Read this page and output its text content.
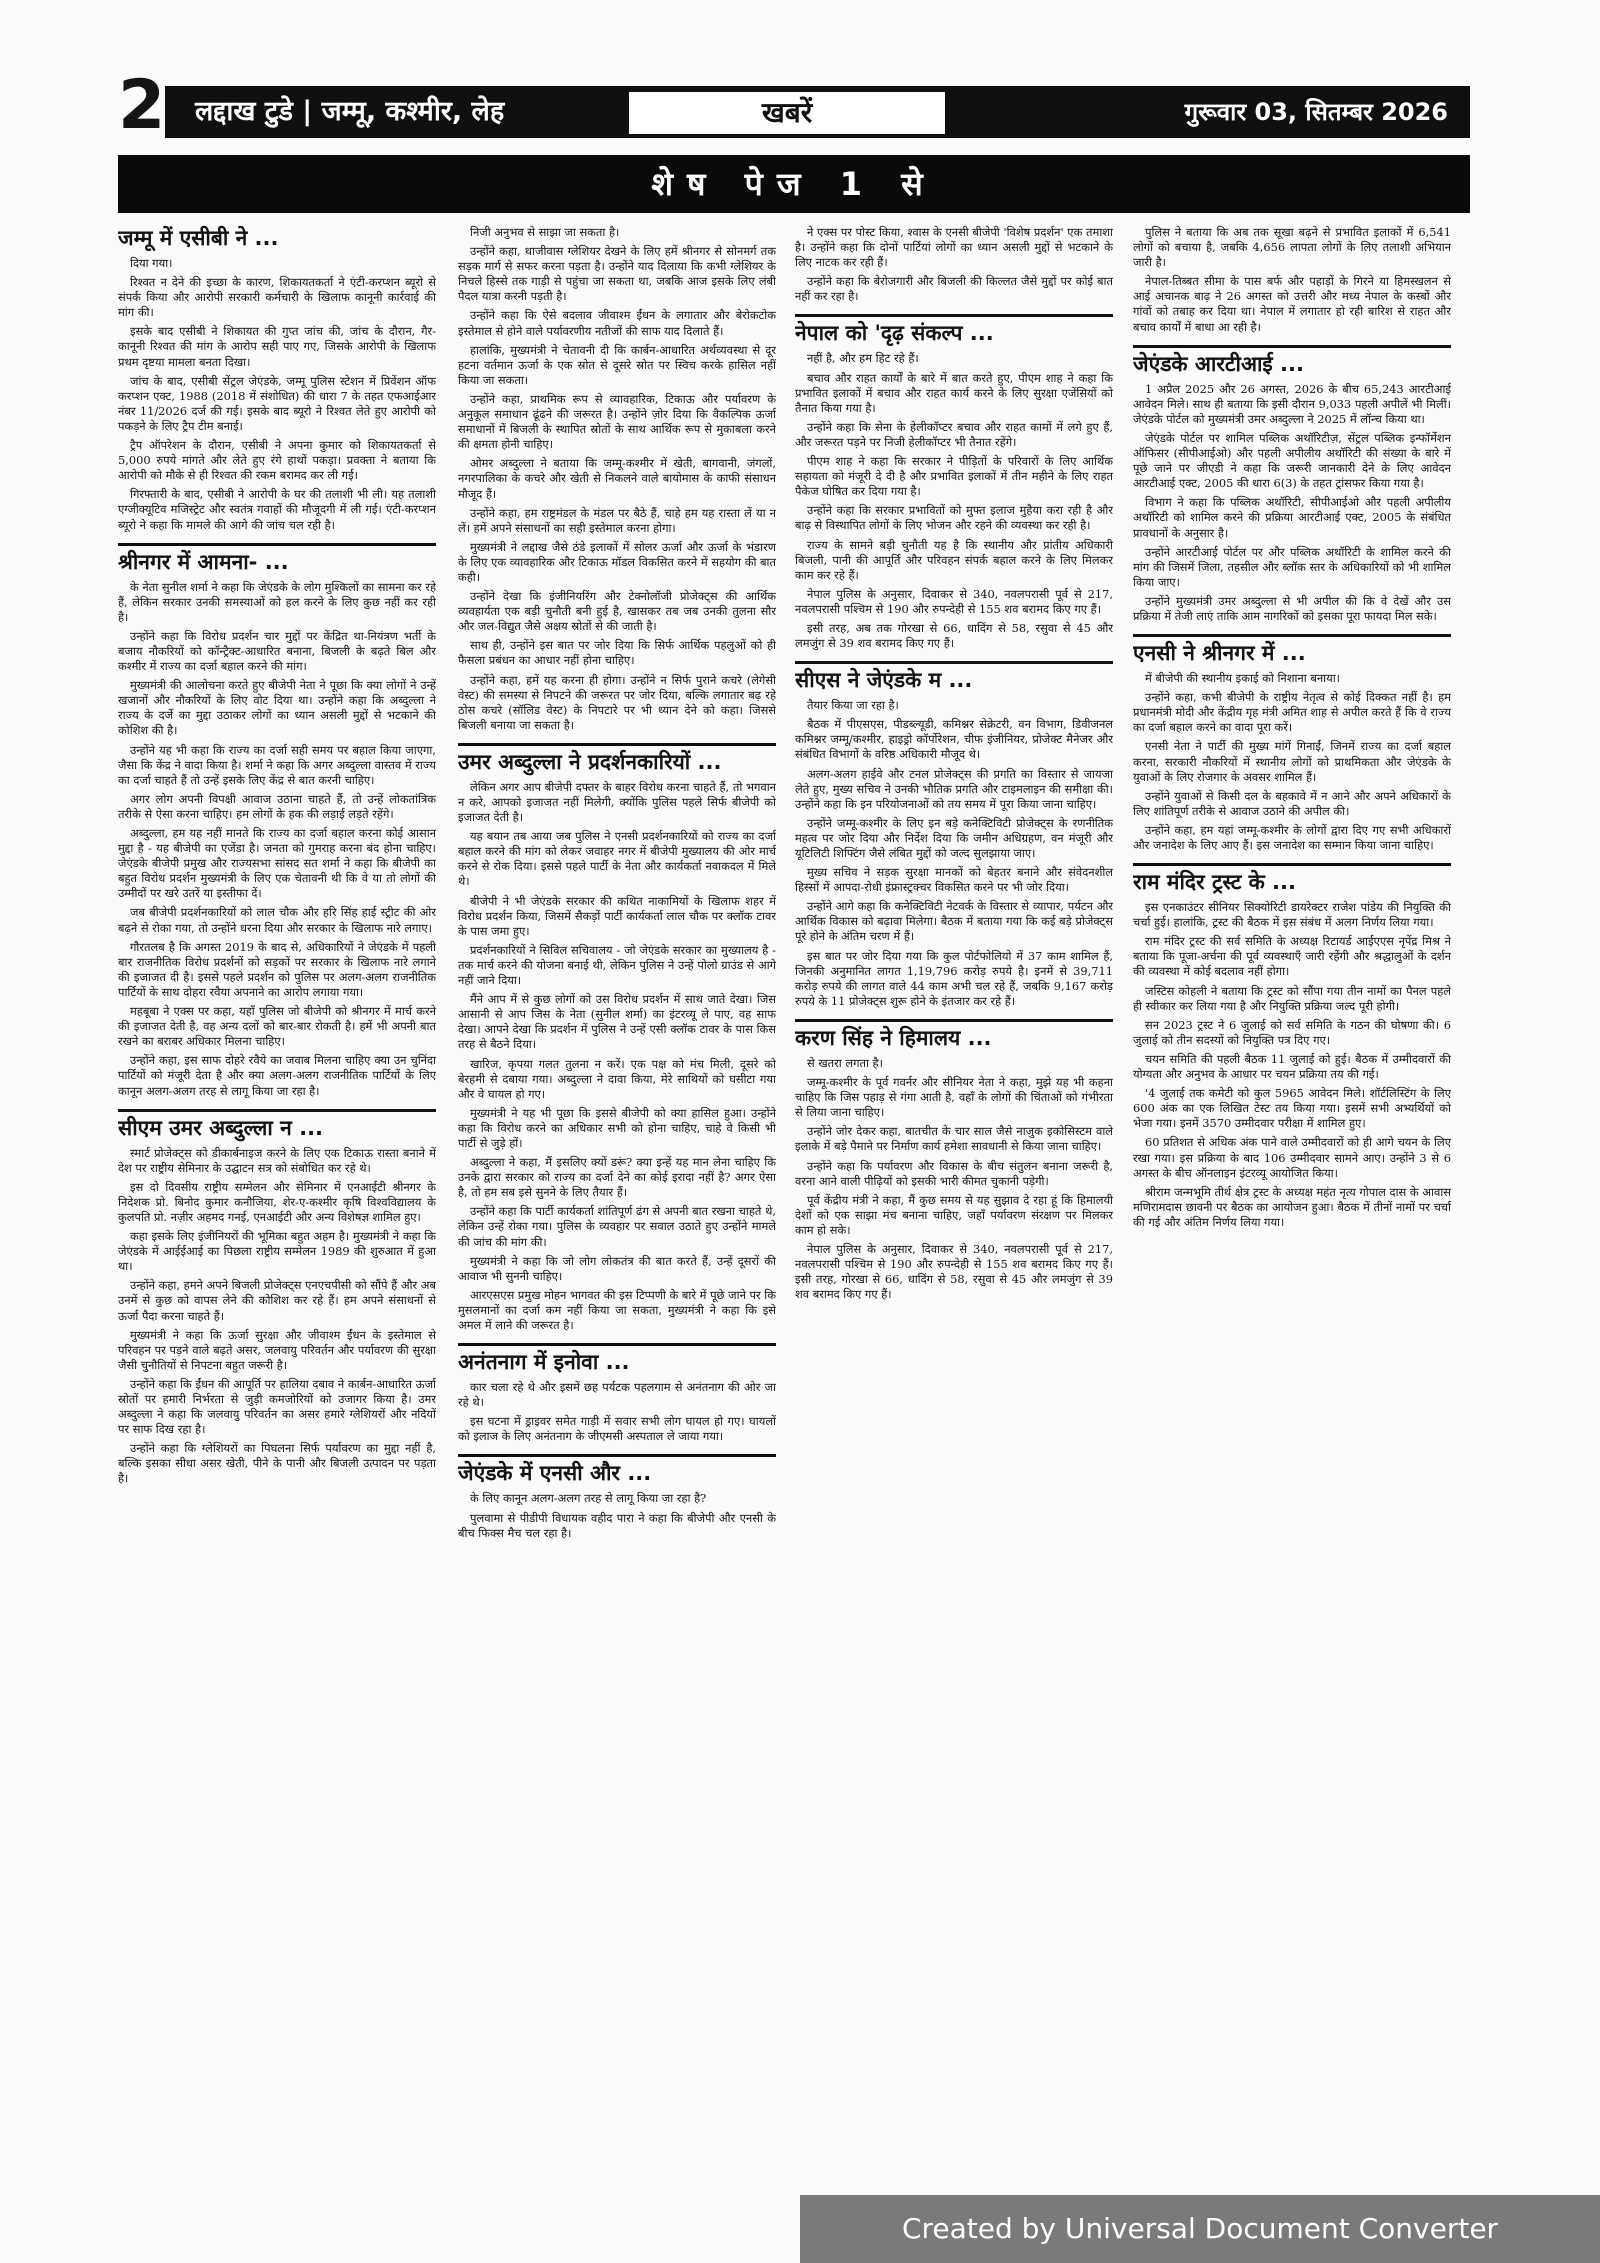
2 लद्दाख टुडे | जम्मू, कश्मीर, लेह	खबरें	गुरूवार 03, सितम्बर 2026
शेष पेज 1 से
जम्मू में एसीबी ने ...

दिया गया।

रिश्वत न देने की इच्छा के कारण, शिकायतकर्ता ने एंटी-करप्शन ब्यूरो से संपर्क किया और आरोपी सरकारी कर्मचारी के खिलाफ कानूनी कार्रवाई की मांग की।

इसके बाद एसीबी ने शिकायत की गुप्त जांच की, जांच के दौरान, गैर-कानूनी रिश्वत की मांग के आरोप सही पाए गए, जिसके आरोपी के खिलाफ प्रथम दृष्टया मामला बनता दिखा।

जांच के बाद, एसीबी सेंट्रल जेएंडके, जम्मू पुलिस स्टेशन में प्रिवेंशन ऑफ करप्शन एक्ट, 1988 (2018 में संशोधित) की धारा 7 के तहत एफआईआर नंबर 11/2026 दर्ज की गई। इसके बाद ब्यूरो ने रिश्वत लेते हुए आरोपी को पकड़ने के लिए ट्रैप टीम बनाई।

ट्रैप ऑपरेशन के दौरान, एसीबी ने अपना कुमार को शिकायतकर्ता से 5,000 रुपये मांगते और लेते हुए रंगे हाथों पकड़ा। प्रवक्ता ने बताया कि आरोपी को मौके से ही रिश्वत की रकम बरामद कर ली गई।

गिरफ्तारी के बाद, एसीबी ने आरोपी के घर की तलाशी भी ली। यह तलाशी एग्जीक्यूटिव मजिस्ट्रेट और स्वतंत्र गवाहों की मौजूदगी में ली गई। एंटी-करप्शन ब्यूरो ने कहा कि मामले की आगे की जांच चल रही है।

श्रीनगर में आमना- ...

के नेता सुनील शर्मा ने कहा कि जेएंडके के लोग मुश्किलों का सामना कर रहे हैं, लेकिन सरकार उनकी समस्याओं को हल करने के लिए कुछ नहीं कर रही है।

उन्होंने कहा कि विरोध प्रदर्शन चार मुद्दों पर केंद्रित था-नियंत्रण भर्ती के बजाय नौकरियों को कॉन्ट्रैक्ट-आधारित बनाना, बिजली के बढ़ते बिल और कश्मीर में राज्य का दर्जा बहाल करने की मांग।

मुख्यमंत्री की आलोचना करते हुए बीजेपी नेता ने पूछा कि क्या लोगों ने उन्हें खजानों और नौकरियों के लिए वोट दिया था। उन्होंने कहा कि अब्दुल्ला ने राज्य के दर्जे का मुद्दा उठाकर लोगों का ध्यान असली मुद्दों से भटकाने की कोशिश की है।

उन्होंने यह भी कहा कि राज्य का दर्जा सही समय पर बहाल किया जाएगा, जैसा कि केंद्र ने वादा किया है। शर्मा ने कहा कि अगर अब्दुल्ला वास्तव में राज्य का दर्जा चाहते हैं तो उन्हें इसके लिए केंद्र से बात करनी चाहिए।

अगर लोग अपनी विपक्षी आवाज उठाना चाहते हैं, तो उन्हें लोकतांत्रिक तरीके से ऐसा करना चाहिए। हम लोगों के हक की लड़ाई लड़ते रहेंगे।

अब्दुल्ला, हम यह नहीं मानते कि राज्य का दर्जा बहाल करना कोई आसान मुद्दा है - यह बीजेपी का एजेंडा है। जनता को गुमराह करना बंद होना चाहिए। जेएंडके बीजेपी प्रमुख और राज्यसभा सांसद सत शर्मा ने कहा कि बीजेपी का बहुत विरोध प्रदर्शन मुख्यमंत्री के लिए एक चेतावनी थी कि वे या तो लोगों की उम्मीदों पर खरे उतरें या इस्तीफा दें।

जब बीजेपी प्रदर्शनकारियों को लाल चौक और हरि सिंह हाई स्ट्रीट की ओर बढ़ने से रोका गया, तो उन्होंने धरना दिया और सरकार के खिलाफ नारे लगाए।

गौरतलब है कि अगस्त 2019 के बाद से, अधिकारियों ने जेएंडके में पहली बार राजनीतिक विरोध प्रदर्शनों को सड़कों पर सरकार के खिलाफ नारे लगाने की इजाजत दी है। इससे पहले प्रदर्शन को पुलिस पर अलग-अलग राजनीतिक पार्टियों के साथ दोहरा रवैया अपनाने का आरोप लगाया गया।

महबूबा ने एक्स पर कहा, यहाँ पुलिस जो बीजेपी को श्रीनगर में मार्च करने की इजाजत देती है, वह अन्य दलों को बार-बार रोकती है। हमें भी अपनी बात रखने का बराबर अधिकार मिलना चाहिए।

उन्होंने कहा, इस साफ दोहरे रवैये का जवाब मिलना चाहिए क्या उन चुनिंदा पार्टियों को मंजूरी देता है और क्या अलग-अलग राजनीतिक पार्टियों के लिए कानून अलग-अलग तरह से लागू किया जा रहा है।

सीएम उमर अब्दुल्ला न ...

स्मार्ट प्रोजेक्ट्स को डीकार्बनाइज करने के लिए एक टिकाऊ रास्ता बनाने में देश पर राष्ट्रीय सेमिनार के उद्घाटन सत्र को संबोधित कर रहे थे।

इस दो दिवसीय राष्ट्रीय सम्मेलन और सेमिनार में एनआईटी श्रीनगर के निदेशक प्रो. बिनोद कुमार कनौजिया, शेर-ए-कश्मीर कृषि विश्वविद्यालय के कुलपति प्रो. नज़ीर अहमद गनई, एनआईटी और अन्य विशेषज्ञ शामिल हुए।

कहा इसके लिए इंजीनियरों की भूमिका बहुत अहम है। मुख्यमंत्री ने कहा कि जेएंडके में आईईआई का पिछला राष्ट्रीय सम्मेलन 1989 की शुरुआत में हुआ था।

उन्होंने कहा, हमने अपने बिजली प्रोजेक्ट्स एनएचपीसी को सौंपे हैं और अब उनमें से कुछ को वापस लेने की कोशिश कर रहे हैं। हम अपने संसाधनों से ऊर्जा पैदा करना चाहते हैं।

मुख्यमंत्री ने कहा कि ऊर्जा सुरक्षा और जीवाश्म ईंधन के इस्तेमाल से परिवहन पर पड़ने वाले बढ़ते असर, जलवायु परिवर्तन और पर्यावरण की सुरक्षा जैसी चुनौतियों से निपटना बहुत जरूरी है।

उन्होंने कहा कि ईंधन की आपूर्ति पर हालिया दबाव ने कार्बन-आधारित ऊर्जा स्रोतों पर हमारी निर्भरता से जुड़ी कमजोरियों को उजागर किया है। उमर अब्दुल्ला ने कहा कि जलवायु परिवर्तन का असर हमारे ग्लेशियरों और नदियों पर साफ दिख रहा है।

उन्होंने कहा कि ग्लेशियरों का पिघलना सिर्फ पर्यावरण का मुद्दा नहीं है, बल्कि इसका सीधा असर खेती, पीने के पानी और बिजली उत्पादन पर पड़ता है।

निजी अनुभव से साझा जा सकता है।

उन्होंने कहा, थाजीवास ग्लेशियर देखने के लिए हमें श्रीनगर से सोनमर्ग तक सड़क मार्ग से सफर करना पड़ता है। उन्होंने याद दिलाया कि कभी ग्लेशियर के निचले हिस्से तक गाड़ी से पहुंचा जा सकता था, जबकि आज इसके लिए लंबी पैदल यात्रा करनी पड़ती है।

उन्होंने कहा कि ऐसे बदलाव जीवाश्म ईंधन के लगातार और बेरोकटोक इस्तेमाल से होने वाले पर्यावरणीय नतीजों की साफ याद दिलाते हैं।

हालांकि, मुख्यमंत्री ने चेतावनी दी कि कार्बन-आधारित अर्थव्यवस्था से दूर हटना वर्तमान ऊर्जा के एक स्रोत से दूसरे स्रोत पर स्विच करके हासिल नहीं किया जा सकता।

उन्होंने कहा, प्राथमिक रूप से व्यावहारिक, टिकाऊ और पर्यावरण के अनुकूल समाधान ढूंढने की जरूरत है। उन्होंने ज़ोर दिया कि वैकल्पिक ऊर्जा समाधानों में बिजली के स्थापित स्रोतों के साथ आर्थिक रूप से मुकाबला करने की क्षमता होनी चाहिए।

ओमर अब्दुल्ला ने बताया कि जम्मू-कश्मीर में खेती, बागवानी, जंगलों, नगरपालिका के कचरे और खेती से निकलने वाले बायोमास के काफी संसाधन मौजूद हैं।

उन्होंने कहा, हम राष्ट्रमंडल के मंडल पर बैठे हैं, चाहे हम यह रास्ता लें या न लें। हमें अपने संसाधनों का सही इस्तेमाल करना होगा।

मुख्यमंत्री ने लद्दाख जैसे ठंडे इलाकों में सोलर ऊर्जा और ऊर्जा के भंडारण के लिए एक व्यावहारिक और टिकाऊ मॉडल विकसित करने में सहयोग की बात कही।

उन्होंने देखा कि इंजीनियरिंग और टेक्नोलॉजी प्रोजेक्ट्स की आर्थिक व्यवहार्यता एक बड़ी चुनौती बनी हुई है, खासकर तब जब उनकी तुलना सौर और जल-विद्युत जैसे अक्षय स्रोतों से की जाती है।

साथ ही, उन्होंने इस बात पर जोर दिया कि सिर्फ आर्थिक पहलुओं को ही फैसला प्रबंधन का आधार नहीं होना चाहिए।

उन्होंने कहा, हमें यह करना ही होगा। उन्होंने न सिर्फ पुराने कचरे (लेगेसी वेस्ट) की समस्या से निपटने की जरूरत पर जोर दिया, बल्कि लगातार बढ़ रहे ठोस कचरे (सॉलिड वेस्ट) के निपटारे पर भी ध्यान देने को कहा। जिससे बिजली बनाया जा सकता है।

उमर अब्दुल्ला ने प्रदर्शनकारियों ...

लेकिन अगर आप बीजेपी दफ्तर के बाहर विरोध करना चाहते हैं, तो भगवान न करे, आपको इजाजत नहीं मिलेगी, क्योंकि पुलिस पहले सिर्फ बीजेपी को इजाजत देती है।

यह बयान तब आया जब पुलिस ने एनसी प्रदर्शनकारियों को राज्य का दर्जा बहाल करने की मांग को लेकर जवाहर नगर में बीजेपी मुख्यालय की ओर मार्च करने से रोक दिया। इससे पहले पार्टी के नेता और कार्यकर्ता नवाकदल में मिले थे।

बीजेपी ने भी जेएंडके सरकार की कथित नाकामियों के खिलाफ शहर में विरोध प्रदर्शन किया, जिसमें सैकड़ों पार्टी कार्यकर्ता लाल चौक पर क्लॉक टावर के पास जमा हुए।

प्रदर्शनकारियों ने सिविल सचिवालय - जो जेएंडके सरकार का मुख्यालय है - तक मार्च करने की योजना बनाई थी, लेकिन पुलिस ने उन्हें पोलो ग्राउंड से आगे नहीं जाने दिया।

मैंने आप में से कुछ लोगों को उस विरोध प्रदर्शन में साथ जाते देखा। जिस आसानी से आप जिस के नेता (सुनील शर्मा) का इंटरव्यू ले पाए, वह साफ देखा। आपने देखा कि प्रदर्शन में पुलिस ने उन्हें एसी क्लॉक टावर के पास किस तरह से बैठने दिया।

खारिज, कृपया गलत तुलना न करें। एक पक्ष को मंच मिली, दूसरे को बेरहमी से दबाया गया। अब्दुल्ला ने दावा किया, मेरे साथियों को घसीटा गया और वे घायल हो गए।

मुख्यमंत्री ने यह भी पूछा कि इससे बीजेपी को क्या हासिल हुआ। उन्होंने कहा कि विरोध करने का अधिकार सभी को होना चाहिए, चाहे वे किसी भी पार्टी से जुड़े हों।

अब्दुल्ला ने कहा, मैं इसलिए क्यों डरूं? क्या इन्हें यह मान लेना चाहिए कि उनके द्वारा सरकार को राज्य का दर्जा देने का कोई इरादा नहीं है? अगर ऐसा है, तो हम सब इसे सुनने के लिए तैयार हैं।

उन्होंने कहा कि पार्टी कार्यकर्ता शांतिपूर्ण ढंग से अपनी बात रखना चाहते थे, लेकिन उन्हें रोका गया। पुलिस के व्यवहार पर सवाल उठाते हुए उन्होंने मामले की जांच की मांग की।

मुख्यमंत्री ने कहा कि जो लोग लोकतंत्र की बात करते हैं, उन्हें दूसरों की आवाज भी सुननी चाहिए।

आरएसएस प्रमुख मोहन भागवत की इस टिप्पणी के बारे में पूछे जाने पर कि मुसलमानों का दर्जा कम नहीं किया जा सकता, मुख्यमंत्री ने कहा कि इसे अमल में लाने की जरूरत है।

अनंतनाग में इनोवा ...

कार चला रहे थे और इसमें छह पर्यटक पहलगाम से अनंतनाग की ओर जा रहे थे।

इस घटना में ड्राइवर समेत गाड़ी में सवार सभी लोग घायल हो गए। घायलों को इलाज के लिए अनंतनाग के जीएमसी अस्पताल ले जाया गया।

जेएंडके में एनसी और ...

के लिए कानून अलग-अलग तरह से लागू किया जा रहा है?

पुलवामा से पीडीपी विधायक वहीद पारा ने कहा कि बीजेपी और एनसी के बीच फिक्स मैच चल रहा है।

ने एक्स पर पोस्ट किया, श्वास के एनसी बीजेपी 'विशेष प्रदर्शन' एक तमाशा है। उन्होंने कहा कि दोनों पार्टियां लोगों का ध्यान असली मुद्दों से भटकाने के लिए नाटक कर रही हैं।

उन्होंने कहा कि बेरोजगारी और बिजली की किल्लत जैसे मुद्दों पर कोई बात नहीं कर रहा है।

नेपाल को 'दृढ़ संकल्प ...

नहीं है, और हम हिट रहे हैं।

बचाव और राहत कार्यों के बारे में बात करते हुए, पीएम शाह ने कहा कि प्रभावित इलाकों में बचाव और राहत कार्य करने के लिए सुरक्षा एजेंसियों को तैनात किया गया है।

उन्होंने कहा कि सेना के हेलीकॉप्टर बचाव और राहत कामों में लगे हुए हैं, और जरूरत पड़ने पर निजी हेलीकॉप्टर भी तैनात रहेंगे।

पीएम शाह ने कहा कि सरकार ने पीड़ितों के परिवारों के लिए आर्थिक सहायता को मंजूरी दे दी है और प्रभावित इलाकों में तीन महीने के लिए राहत पैकेज घोषित कर दिया गया है।

उन्होंने कहा कि सरकार प्रभावितों को मुफ्त इलाज मुहैया करा रही है और बाढ़ से विस्थापित लोगों के लिए भोजन और रहने की व्यवस्था कर रही है।

राज्य के सामने बड़ी चुनौती यह है कि स्थानीय और प्रांतीय अधिकारी बिजली, पानी की आपूर्ति और परिवहन संपर्क बहाल करने के लिए मिलकर काम कर रहे हैं।

नेपाल पुलिस के अनुसार, दिवाकर से 340, नवलपरासी पूर्व से 217, नवलपरासी पश्चिम से 190 और रुपन्देही से 155 शव बरामद किए गए हैं।

इसी तरह, अब तक गोरखा से 66, धादिंग से 58, रसुवा से 45 और लमजुंग से 39 शव बरामद किए गए हैं।

सीएस ने जेएंडके म ...

तैयार किया जा रहा है।

बैठक में पीएसएस, पीडब्ल्यूडी, कमिश्नर सेक्रेटरी, वन विभाग, डिवीजनल कमिश्नर जम्मू/कश्मीर, हाइड्रो कॉर्पोरेशन, चीफ इंजीनियर, प्रोजेक्ट मैनेजर और संबंधित विभागों के वरिष्ठ अधिकारी मौजूद थे।

अलग-अलग हाईवे और टनल प्रोजेक्ट्स की प्रगति का विस्तार से जायजा लेते हुए, मुख्य सचिव ने उनकी भौतिक प्रगति और टाइमलाइन की समीक्षा की। उन्होंने कहा कि इन परियोजनाओं को तय समय में पूरा किया जाना चाहिए।

उन्होंने जम्मू-कश्मीर के लिए इन बड़े कनेक्टिविटी प्रोजेक्ट्स के रणनीतिक महत्व पर जोर दिया और निर्देश दिया कि जमीन अधिग्रहण, वन मंजूरी और यूटिलिटी शिफ्टिंग जैसे लंबित मुद्दों को जल्द सुलझाया जाए।

मुख्य सचिव ने सड़क सुरक्षा मानकों को बेहतर बनाने और संवेदनशील हिस्सों में आपदा-रोधी इंफ्रास्ट्रक्चर विकसित करने पर भी जोर दिया।

उन्होंने आगे कहा कि कनेक्टिविटी नेटवर्क के विस्तार से व्यापार, पर्यटन और आर्थिक विकास को बढ़ावा मिलेगा। बैठक में बताया गया कि कई बड़े प्रोजेक्ट्स पूरे होने के अंतिम चरण में हैं।

इस बात पर जोर दिया गया कि कुल पोर्टफोलियो में 37 काम शामिल हैं, जिनकी अनुमानित लागत 1,19,796 करोड़ रुपये है। इनमें से 39,711 करोड़ रुपये की लागत वाले 44 काम अभी चल रहे हैं, जबकि 9,167 करोड़ रुपये के 11 प्रोजेक्ट्स शुरू होने के इंतजार कर रहे हैं।

करण सिंह ने हिमालय ...

से खतरा लगता है।

जम्मू-कश्मीर के पूर्व गवर्नर और सीनियर नेता ने कहा, मुझे यह भी कहना चाहिए कि जिस पहाड़ से गंगा आती है, वहाँ के लोगों की चिंताओं को गंभीरता से लिया जाना चाहिए।

उन्होंने जोर देकर कहा, बातचीत के चार साल जैसे नाजुक इकोसिस्टम वाले इलाके में बड़े पैमाने पर निर्माण कार्य हमेशा सावधानी से किया जाना चाहिए।

उन्होंने कहा कि पर्यावरण और विकास के बीच संतुलन बनाना जरूरी है, वरना आने वाली पीढ़ियों को इसकी भारी कीमत चुकानी पड़ेगी।

पूर्व केंद्रीय मंत्री ने कहा, मैं कुछ समय से यह सुझाव दे रहा हूं कि हिमालयी देशों को एक साझा मंच बनाना चाहिए, जहाँ पर्यावरण संरक्षण पर मिलकर काम हो सके।

नेपाल पुलिस के अनुसार, दिवाकर से 340, नवलपरासी पूर्व से 217, नवलपरासी पश्चिम से 190 और रुपन्देही से 155 शव बरामद किए गए हैं। इसी तरह, गोरखा से 66, धादिंग से 58, रसुवा से 45 और लमजुंग से 39 शव बरामद किए गए हैं।

पुलिस ने बताया कि अब तक सूखा बढ़ने से प्रभावित इलाकों में 6,541 लोगों को बचाया है, जबकि 4,656 लापता लोगों के लिए तलाशी अभियान जारी है।

नेपाल-तिब्बत सीमा के पास बर्फ और पहाड़ों के गिरने या हिमस्खलन से आई अचानक बाढ़ ने 26 अगस्त को उत्तरी और मध्य नेपाल के कस्बों और गांवों को तबाह कर दिया था। नेपाल में लगातार हो रही बारिश से राहत और बचाव कार्यों में बाधा आ रही है।

जेएंडके आरटीआई ...

1 अप्रैल 2025 और 26 अगस्त, 2026 के बीच 65,243 आरटीआई आवेदन मिले। साथ ही बताया कि इसी दौरान 9,033 पहली अपीलें भी मिलीं। जेएंडके पोर्टल को मुख्यमंत्री उमर अब्दुल्ला ने 2025 में लॉन्च किया था।

जेएंडके पोर्टल पर शामिल पब्लिक अथॉरिटीज़, सेंट्रल पब्लिक इन्फॉर्मेशन ऑफिसर (सीपीआईओ) और पहली अपीलीय अथॉरिटी की संख्या के बारे में पूछे जाने पर जीएडी ने कहा कि जरूरी जानकारी देने के लिए आवेदन आरटीआई एक्ट, 2005 की धारा 6(3) के तहत ट्रांसफर किया गया है।

विभाग ने कहा कि पब्लिक अथॉरिटी, सीपीआईओ और पहली अपीलीय अथॉरिटी को शामिल करने की प्रक्रिया आरटीआई एक्ट, 2005 के संबंधित प्रावधानों के अनुसार है।

उन्होंने आरटीआई पोर्टल पर और पब्लिक अथॉरिटी के शामिल करने की मांग की जिसमें जिला, तहसील और ब्लॉक स्तर के अधिकारियों को भी शामिल किया जाए।

उन्होंने मुख्यमंत्री उमर अब्दुल्ला से भी अपील की कि वे देखें और उस प्रक्रिया में तेजी लाएं ताकि आम नागरिकों को इसका पूरा फायदा मिल सके।

एनसी ने श्रीनगर में ...

में बीजेपी की स्थानीय इकाई को निशाना बनाया।

उन्होंने कहा, कभी बीजेपी के राष्ट्रीय नेतृत्व से कोई दिक्कत नहीं है। हम प्रधानमंत्री मोदी और केंद्रीय गृह मंत्री अमित शाह से अपील करते हैं कि वे राज्य का दर्जा बहाल करने का वादा पूरा करें।

एनसी नेता ने पार्टी की मुख्य मांगें गिनाईं, जिनमें राज्य का दर्जा बहाल करना, सरकारी नौकरियों में स्थानीय लोगों को प्राथमिकता और जेएंडके के युवाओं के लिए रोजगार के अवसर शामिल हैं।

उन्होंने युवाओं से किसी दल के बहकावे में न आने और अपने अधिकारों के लिए शांतिपूर्ण तरीके से आवाज उठाने की अपील की।

उन्होंने कहा, हम यहां जम्मू-कश्मीर के लोगों द्वारा दिए गए सभी अधिकारों और जनादेश के लिए आए हैं। इस जनादेश का सम्मान किया जाना चाहिए।

राम मंदिर ट्रस्ट के ...

इस एनकाउंटर सीनियर सिक्योरिटी डायरेक्टर राजेश पांडेय की नियुक्ति की चर्चा हुई। हालांकि, ट्रस्ट की बैठक में इस संबंध में अलग निर्णय लिया गया।

राम मंदिर ट्रस्ट की सर्व समिति के अध्यक्ष रिटायर्ड आईएएस नृपेंद्र मिश्र ने बताया कि पूजा-अर्चना की पूर्व व्यवस्थाएँ जारी रहेंगी और श्रद्धालुओं के दर्शन की व्यवस्था में कोई बदलाव नहीं होगा।

जस्टिस कोहली ने बताया कि ट्रस्ट को सौंपा गया तीन नामों का पैनल पहले ही स्वीकार कर लिया गया है और नियुक्ति प्रक्रिया जल्द पूरी होगी।

सन 2023 ट्रस्ट ने 6 जुलाई को सर्व समिति के गठन की घोषणा की। 6 जुलाई को तीन सदस्यों को नियुक्ति पत्र दिए गए।

चयन समिति की पहली बैठक 11 जुलाई को हुई। बैठक में उम्मीदवारों की योग्यता और अनुभव के आधार पर चयन प्रक्रिया तय की गई।

'4 जुलाई तक कमेटी को कुल 5965 आवेदन मिले। शॉर्टलिस्टिंग के लिए 600 अंक का एक लिखित टेस्ट तय किया गया। इसमें सभी अभ्यर्थियों को भेजा गया। इनमें 3570 उम्मीदवार परीक्षा में शामिल हुए।

60 प्रतिशत से अधिक अंक पाने वाले उम्मीदवारों को ही आगे चयन के लिए रखा गया। इस प्रक्रिया के बाद 106 उम्मीदवार सामने आए। उन्होंने 3 से 6 अगस्त के बीच ऑनलाइन इंटरव्यू आयोजित किया।

श्रीराम जन्मभूमि तीर्थ क्षेत्र ट्रस्ट के अध्यक्ष महंत नृत्य गोपाल दास के आवास मणिरामदास छावनी पर बैठक का आयोजन हुआ। बैठक में तीनों नामों पर चर्चा की गई और अंतिम निर्णय लिया गया।

Created by Universal Document Converter
